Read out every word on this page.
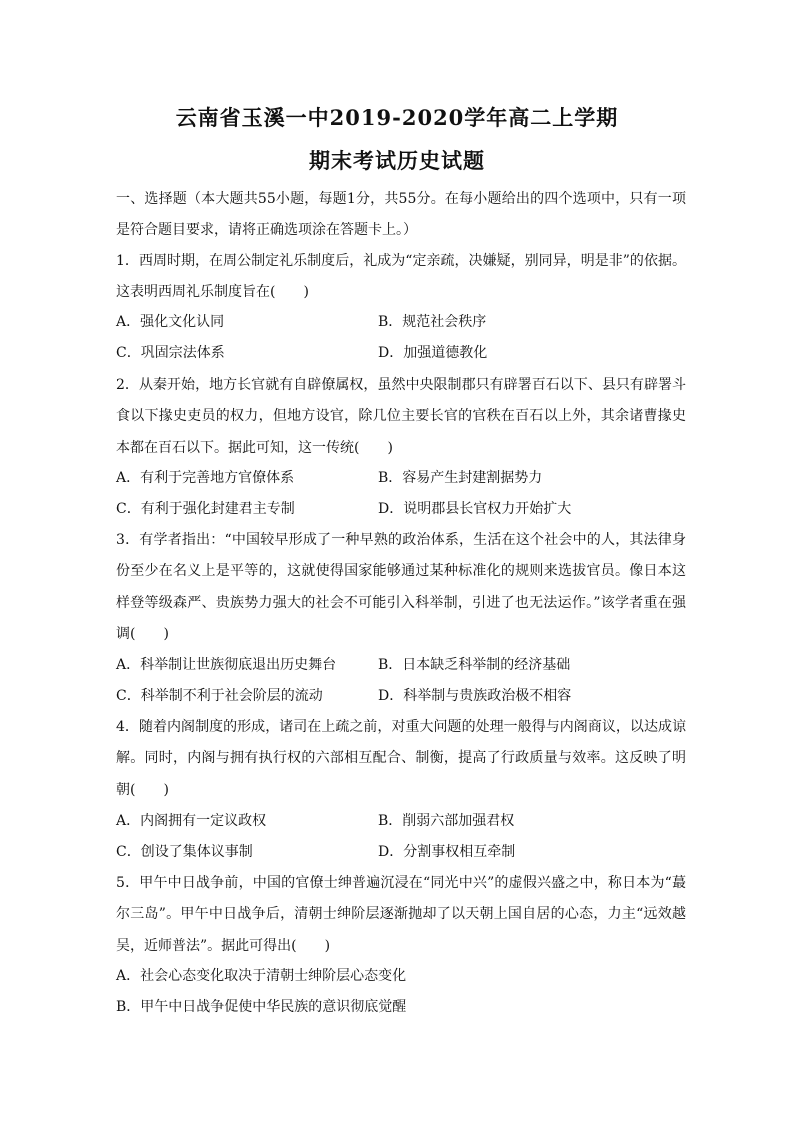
云南省玉溪一中2019-2020学年高二上学期
期末考试历史试题
一、选择题（本大题共55小题，每题1分，共55分。在每小题给出的四个选项中，只有一项是符合题目要求，请将正确选项涂在答题卡上。）
1．西周时期，在周公制定礼乐制度后，礼成为“定亲疏，决嫌疑，别同异，明是非”的依据。这表明西周礼乐制度旨在(　　)
A．强化文化认同	B．规范社会秩序
C．巩固宗法体系	D．加强道德教化
2．从秦开始，地方长官就有自辟僚属权，虽然中央限制郡只有辟署百石以下、县只有辟署斗食以下掾史吏员的权力，但地方设官，除几位主要长官的官秩在百石以上外，其余诸曹掾史本都在百石以下。据此可知，这一传统(　　)
A．有利于完善地方官僚体系	B．容易产生封建割据势力
C．有利于强化封建君主专制	D．说明郡县长官权力开始扩大
3．有学者指出：“中国较早形成了一种早熟的政治体系，生活在这个社会中的人，其法律身份至少在名义上是平等的，这就使得国家能够通过某种标准化的规则来选拔官员。像日本这样登等级森严、贵族势力强大的社会不可能引入科举制，引进了也无法运作。”该学者重在强调(　　)
A．科举制让世族彻底退出历史舞台	B．日本缺乏科举制的经济基础
C．科举制不利于社会阶层的流动	D．科举制与贵族政治极不相容
4．随着内阁制度的形成，诸司在上疏之前，对重大问题的处理一般得与内阁商议，以达成谅解。同时，内阁与拥有执行权的六部相互配合、制衡，提高了行政质量与效率。这反映了明朝(　　)
A．内阁拥有一定议政权	B．削弱六部加强君权
C．创设了集体议事制	D．分割事权相互牵制
5．甲午中日战争前，中国的官僚士绅普遍沉浸在“同光中兴”的虚假兴盛之中，称日本为“蕞尔三岛”。甲午中日战争后，清朝士绅阶层逐渐抛却了以天朝上国自居的心态，力主“远效越吴，近师普法”。据此可得出(　　)
A．社会心态变化取决于清朝士绅阶层心态变化
B．甲午中日战争促使中华民族的意识彻底觉醒
